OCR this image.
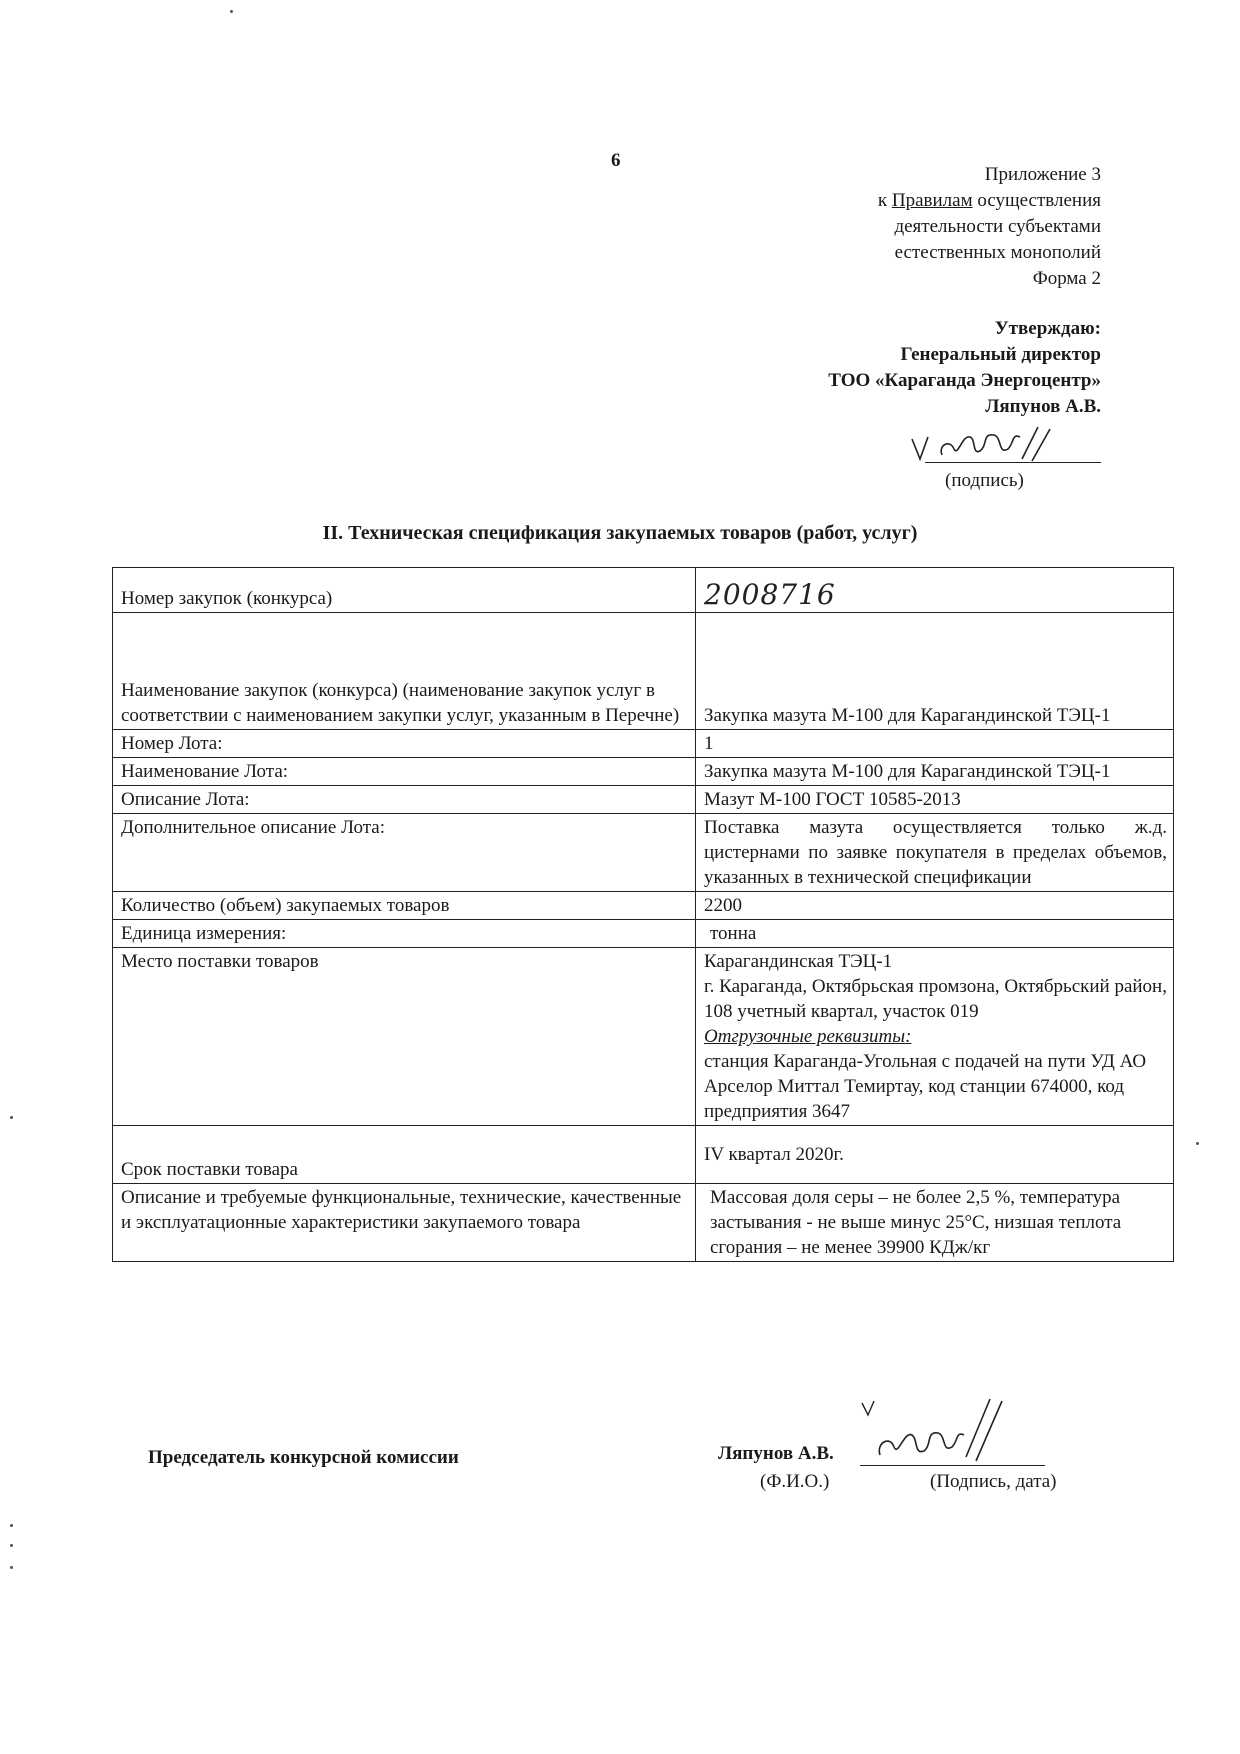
6
Приложение 3
к Правилам осуществления
деятельности субъектами
естественных монополий
Форма 2
Утверждаю:
Генеральный директор
ТОО «Караганда Энергоцентр»
Ляпунов А.В.
(подпись)
II. Техническая спецификация закупаемых товаров (работ, услуг)
Номер закупок (конкурса)	2008716
Наименование закупок (конкурса) (наименование закупок услуг в соответствии с наименованием закупки услуг, указанным в Перечне)	Закупка мазута М-100 для Карагандинской ТЭЦ-1
Номер Лота:	1
Наименование Лота:	Закупка мазута М-100 для Карагандинской ТЭЦ-1
Описание Лота:	Мазут М-100 ГОСТ 10585-2013
Дополнительное описание Лота:	Поставка мазута осуществляется только ж.д. цистернами по заявке покупателя в пределах объемов, указанных в технической спецификации
Количество (объем) закупаемых товаров	2200
Единица измерения:	тонна
Место поставки товаров	Карагандинская ТЭЦ-1
г. Караганда, Октябрьская промзона, Октябрьский район, 108 учетный квартал, участок 019
Отгрузочные реквизиты:
станция Караганда-Угольная с подачей на пути УД АО Арселор Миттал Темиртау, код станции 674000, код предприятия 3647

Срок поставки товара	IV квартал 2020г.
Описание и требуемые функциональные, технические, качественные и эксплуатационные характеристики закупаемого товара	Массовая доля серы – не более 2,5 %, температура застывания - не выше минус 25°С, низшая теплота сгорания – не менее 39900 КДж/кг
Председатель конкурсной комиссии	Ляпунов А.В.
(Ф.И.О.)	(Подпись, дата)
